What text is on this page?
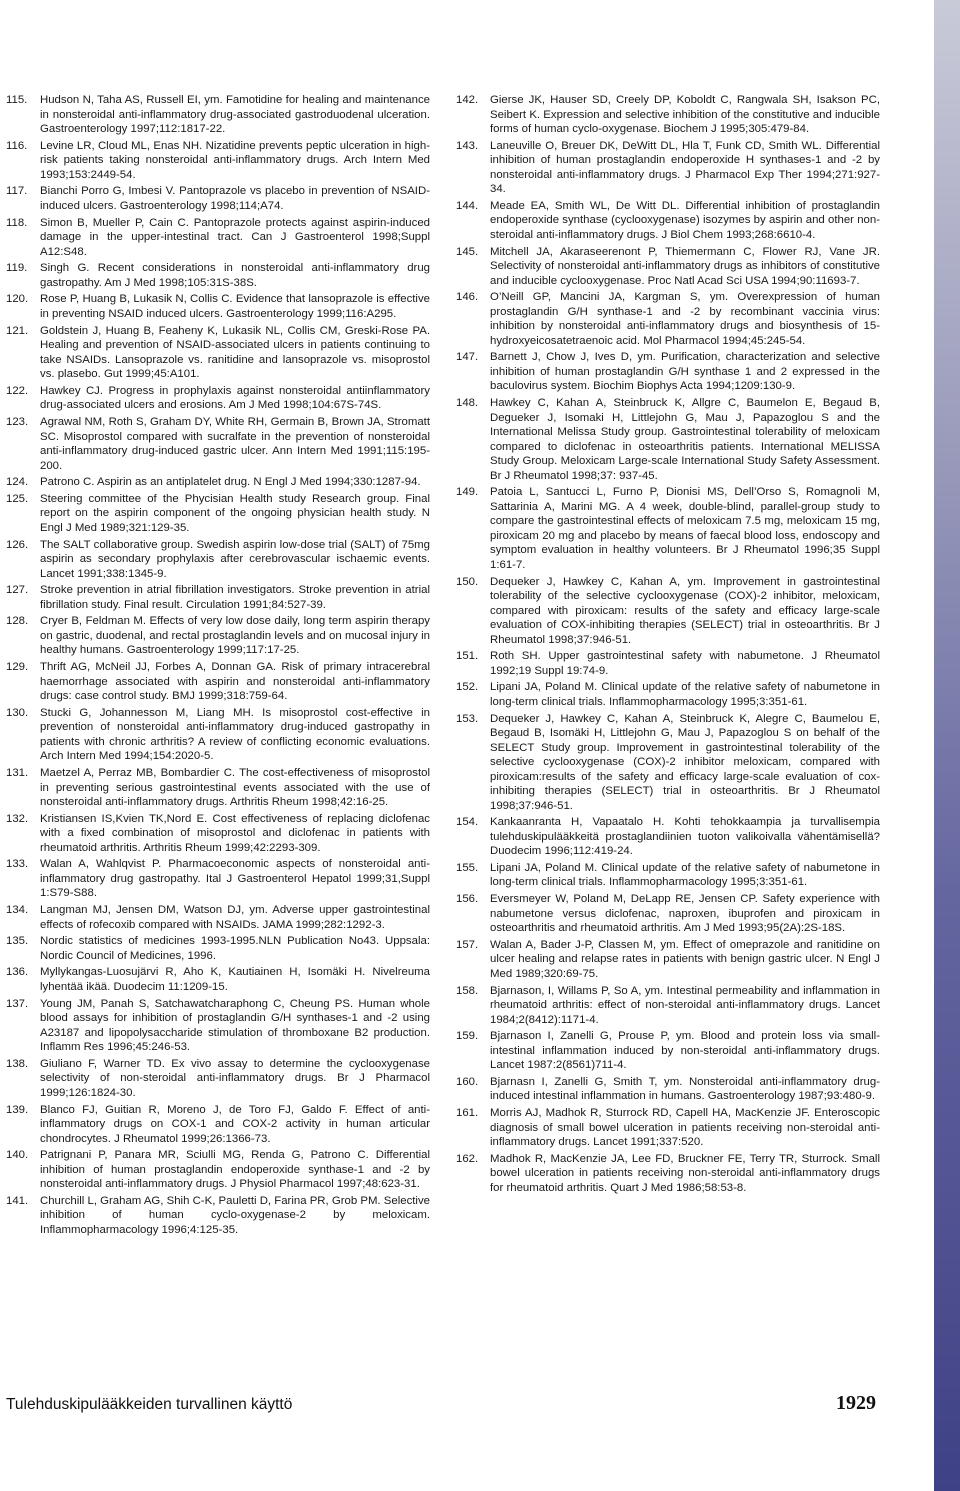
115.	Hudson N, Taha AS, Russell EI, ym. Famotidine for healing and maintenance in nonsteroidal anti-inflammatory drug-associated gastroduodenal ulceration. Gastroenterology 1997;112:1817-22.
116.	Levine LR, Cloud ML, Enas NH. Nizatidine prevents peptic ulceration in high-risk patients taking nonsteroidal anti-inflammatory drugs. Arch Intern Med 1993;153:2449-54.
117.	Bianchi Porro G, Imbesi V. Pantoprazole vs placebo in prevention of NSAID-induced ulcers. Gastroenterology 1998;114;A74.
118.	Simon B, Mueller P, Cain C. Pantoprazole protects against aspirin-induced damage in the upper-intestinal tract. Can J Gastroenterol 1998;Suppl A12:S48.
119.	Singh G. Recent considerations in nonsteroidal anti-inflammatory drug gastropathy. Am J Med 1998;105:31S-38S.
120.	Rose P, Huang B, Lukasik N, Collis C. Evidence that lansoprazole is effective in preventing NSAID induced ulcers. Gastroenterology 1999;116:A295.
121.	Goldstein J, Huang B, Feaheny K, Lukasik NL, Collis CM, Greski-Rose PA. Healing and prevention of NSAID-associated ulcers in patients continuing to take NSAIDs. Lansoprazole vs. ranitidine and lansoprazole vs. misoprostol vs. plasebo. Gut 1999;45:A101.
122.	Hawkey CJ. Progress in prophylaxis against nonsteroidal antiinflammatory drug-associated ulcers and erosions. Am J Med 1998;104:67S-74S.
123.	Agrawal NM, Roth S, Graham DY, White RH, Germain B, Brown JA, Stromatt SC. Misoprostol compared with sucralfate in the prevention of nonsteroidal anti-inflammatory drug-induced gastric ulcer. Ann Intern Med 1991;115:195-200.
124.	Patrono C. Aspirin as an antiplatelet drug. N Engl J Med 1994;330:1287-94.
125.	Steering committee of the Phycisian Health study Research group. Final report on the aspirin component of the ongoing physician health study. N Engl J Med 1989;321:129-35.
126.	The SALT collaborative group. Swedish aspirin low-dose trial (SALT) of 75mg aspirin as secondary prophylaxis after cerebrovascular ischaemic events. Lancet 1991;338:1345-9.
127.	Stroke prevention in atrial fibrillation investigators. Stroke prevention in atrial fibrillation study. Final result. Circulation 1991;84:527-39.
128.	Cryer B, Feldman M. Effects of very low dose daily, long term aspirin therapy on gastric, duodenal, and rectal prostaglandin levels and on mucosal injury in healthy humans. Gastroenterology 1999;117:17-25.
129.	Thrift AG, McNeil JJ, Forbes A, Donnan GA. Risk of primary intracerebral haemorrhage associated with aspirin and nonsteroidal anti-inflammatory drugs: case control study. BMJ 1999;318:759-64.
130.	Stucki G, Johannesson M, Liang MH. Is misoprostol cost-effective in prevention of nonsteroidal anti-inflammatory drug-induced gastropathy in patients with chronic arthritis? A review of conflicting economic evaluations. Arch Intern Med 1994;154:2020-5.
131.	Maetzel A, Perraz MB, Bombardier C. The cost-effectiveness of misoprostol in preventing serious gastrointestinal events associated with the use of nonsteroidal anti-inflammatory drugs. Arthritis Rheum 1998;42:16-25.
132.	Kristiansen IS,Kvien TK,Nord E. Cost effectiveness of replacing diclofenac with a fixed combination of misoprostol and diclofenac in patients with rheumatoid arthritis. Arthritis Rheum 1999;42:2293-309.
133.	Walan A, Wahlqvist P. Pharmacoeconomic aspects of nonsteroidal anti-inflammatory drug gastropathy. Ital J Gastroenterol Hepatol 1999;31,Suppl 1:S79-S88.
134.	Langman MJ, Jensen DM, Watson DJ, ym. Adverse upper gastrointestinal effects of rofecoxib compared with NSAIDs. JAMA 1999;282:1292-3.
135.	Nordic statistics of medicines 1993-1995.NLN Publication No43. Uppsala: Nordic Council of Medicines, 1996.
136.	Myllykangas-Luosujärvi R, Aho K, Kautiainen H, Isomäki H. Nivelreuma lyhentää ikää. Duodecim 11:1209-15.
137.	Young JM, Panah S, Satchawatcharaphong C, Cheung PS. Human whole blood assays for inhibition of prostaglandin G/H synthases-1 and -2 using A23187 and lipopolysaccharide stimulation of thromboxane B2 production. Inflamm Res 1996;45:246-53.
138.	Giuliano F, Warner TD. Ex vivo assay to determine the cyclooxygenase selectivity of non-steroidal anti-inflammatory drugs. Br J Pharmacol 1999;126:1824-30.
139.	Blanco FJ, Guitian R, Moreno J, de Toro FJ, Galdo F. Effect of anti-inflammatory drugs on COX-1 and COX-2 activity in human articular chondrocytes. J Rheumatol 1999;26:1366-73.
140.	Patrignani P, Panara MR, Sciulli MG, Renda G, Patrono C. Differential inhibition of human prostaglandin endoperoxide synthase-1 and -2 by nonsteroidal anti-inflammatory drugs. J Physiol Pharmacol 1997;48:623-31.
141.	Churchill L, Graham AG, Shih C-K, Pauletti D, Farina PR, Grob PM. Selective inhibition of human cyclo-oxygenase-2 by meloxicam. Inflammopharmacology 1996;4:125-35.
142.	Gierse JK, Hauser SD, Creely DP, Koboldt C, Rangwala SH, Isakson PC, Seibert K. Expression and selective inhibition of the constitutive and inducible forms of human cyclo-oxygenase. Biochem J 1995;305:479-84.
143.	Laneuville O, Breuer DK, DeWitt DL, Hla T, Funk CD, Smith WL. Differential inhibition of human prostaglandin endoperoxide H synthases-1 and -2 by nonsteroidal anti-inflammatory drugs. J Pharmacol Exp Ther 1994;271:927-34.
144.	Meade EA, Smith WL, De Witt DL. Differential inhibition of prostaglandin endoperoxide synthase (cyclooxygenase) isozymes by aspirin and other non-steroidal anti-inflammatory drugs. J Biol Chem 1993;268:6610-4.
145.	Mitchell JA, Akaraseerenont P, Thiemermann C, Flower RJ, Vane JR. Selectivity of nonsteroidal anti-inflammatory drugs as inhibitors of constitutive and inducible cyclooxygenase. Proc Natl Acad Sci USA 1994;90:11693-7.
146.	O’Neill GP, Mancini JA, Kargman S, ym. Overexpression of human prostaglandin G/H synthase-1 and -2 by recombinant vaccinia virus: inhibition by nonsteroidal anti-inflammatory drugs and biosynthesis of 15-hydroxyeicosatetraenoic acid. Mol Pharmacol 1994;45:245-54.
147.	Barnett J, Chow J, Ives D, ym. Purification, characterization and selective inhibition of human prostaglandin G/H synthase 1 and 2 expressed in the baculovirus system. Biochim Biophys Acta 1994;1209:130-9.
148.	Hawkey C, Kahan A, Steinbruck K, Allgre C, Baumelon E, Begaud B, Degueker J, Isomaki H, Littlejohn G, Mau J, Papazoglou S and the International Melissa Study group. Gastrointestinal tolerability of meloxicam compared to diclofenac in osteoarthritis patients. International MELISSA Study Group. Meloxicam Large-scale International Study Safety Assessment. Br J Rheumatol 1998;37: 937-45.
149.	Patoia L, Santucci L, Furno P, Dionisi MS, Dell’Orso S, Romagnoli M, Sattarinia A, Marini MG. A 4 week, double-blind, parallel-group study to compare the gastrointestinal effects of meloxicam 7.5 mg, meloxicam 15 mg, piroxicam 20 mg and placebo by means of faecal blood loss, endoscopy and symptom evaluation in healthy volunteers. Br J Rheumatol 1996;35 Suppl 1:61-7.
150.	Dequeker J, Hawkey C, Kahan A, ym. Improvement in gastrointestinal tolerability of the selective cyclooxygenase (COX)-2 inhibitor, meloxicam, compared with piroxicam: results of the safety and efficacy large-scale evaluation of COX-inhibiting therapies (SELECT) trial in osteoarthritis. Br J Rheumatol 1998;37:946-51.
151.	Roth SH. Upper gastrointestinal safety with nabumetone. J Rheumatol 1992;19 Suppl 19:74-9.
152.	Lipani JA, Poland M. Clinical update of the relative safety of nabumetone in long-term clinical trials. Inflammopharmacology 1995;3:351-61.
153.	Dequeker J, Hawkey C, Kahan A, Steinbruck K, Alegre C, Baumelou E, Begaud B, Isomäki H, Littlejohn G, Mau J, Papazoglou S on behalf of the SELECT Study group. Improvement in gastrointestinal tolerability of the selective cyclooxygenase (COX)-2 inhibitor meloxicam, compared with piroxicam:results of the safety and efficacy large-scale evaluation of cox-inhibiting therapies (SELECT) trial in osteoarthritis. Br J Rheumatol 1998;37:946-51.
154.	Kankaanranta H, Vapaatalo H. Kohti tehokkaampia ja turvallisempia tulehduskipulääkkeitä prostaglandiinien tuoton valikoivalla vähentämisellä? Duodecim 1996;112:419-24.
155.	Lipani JA, Poland M. Clinical update of the relative safety of nabumetone in long-term clinical trials. Inflammopharmacology 1995;3:351-61.
156.	Eversmeyer W, Poland M, DeLapp RE, Jensen CP. Safety experience with nabumetone versus diclofenac, naproxen, ibuprofen and piroxicam in osteoarthritis and rheumatoid arthritis. Am J Med 1993;95(2A):2S-18S.
157.	Walan A, Bader J-P, Classen M, ym. Effect of omeprazole and ranitidine on ulcer healing and relapse rates in patients with benign gastric ulcer. N Engl J Med 1989;320:69-75.
158.	Bjarnason, I, Willams P, So A, ym. Intestinal permeability and inflammation in rheumatoid arthritis: effect of non-steroidal anti-inflammatory drugs. Lancet 1984;2(8412):1171-4.
159.	Bjarnason I, Zanelli G, Prouse P, ym. Blood and protein loss via small-intestinal inflammation induced by non-steroidal anti-inflammatory drugs. Lancet 1987:2(8561)711-4.
160.	Bjarnasn I, Zanelli G, Smith T, ym. Nonsteroidal anti-inflammatory drug-induced intestinal inflammation in humans. Gastroenterology 1987;93:480-9.
161.	Morris AJ, Madhok R, Sturrock RD, Capell HA, MacKenzie JF. Enteroscopic diagnosis of small bowel ulceration in patients receiving non-steroidal anti-inflammatory drugs. Lancet 1991;337:520.
162.	Madhok R, MacKenzie JA, Lee FD, Bruckner FE, Terry TR, Sturrock. Small bowel ulceration in patients receiving non-steroidal anti-inflammatory drugs for rheumatoid arthritis. Quart J Med 1986;58:53-8.
Tulehduskipulääkkeiden turvallinen käyttö	1929
